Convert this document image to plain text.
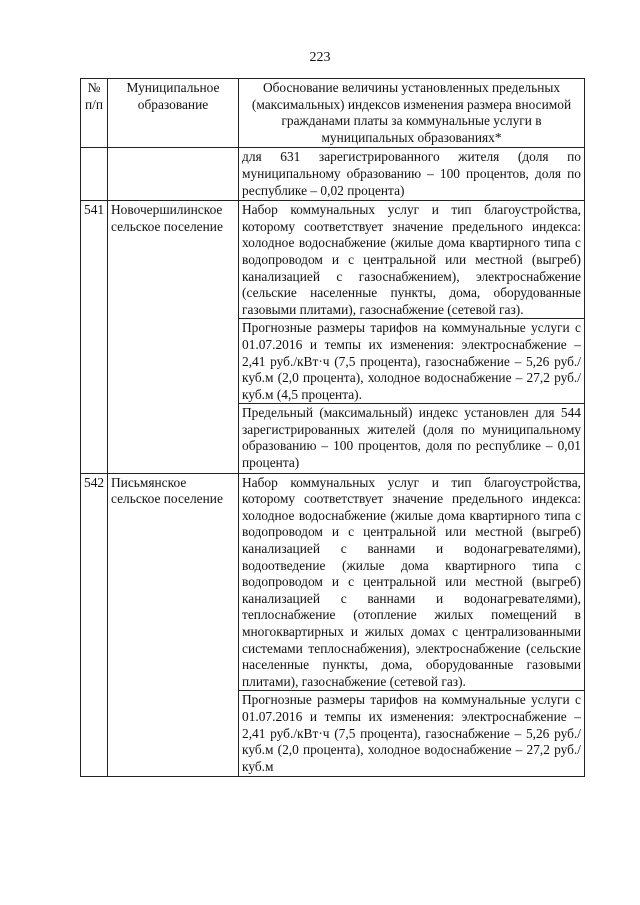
223
№ п/п	Муниципальное образование	Обоснование величины установленных предельных (максимальных) индексов изменения размера вносимой гражданами платы за коммунальные услуги в муниципальных образованиях*

		для 631 зарегистрированного жителя (доля по муниципальному образованию – 100 процентов, доля по республике – 0,02 процента)

541	Новочершилинское сельское поселение	Набор коммунальных услуг и тип благоустройства, которому соответствует значение предельного индекса: холодное водоснабжение (жилые дома квартирного типа с водопроводом и с центральной или местной (выгреб) канализацией с газоснабжением), электроснабжение (сельские населенные пункты, дома, оборудованные газовыми плитами), газоснабжение (сетевой газ).
Прогнозные размеры тарифов на коммунальные услуги с 01.07.2016 и темпы их изменения: электроснабжение – 2,41 руб./кВт·ч (7,5 процента), газоснабжение – 5,26 руб./куб.м (2,0 процента), холодное водоснабжение – 27,2 руб./куб.м (4,5 процента).
Предельный (максимальный) индекс установлен для 544 зарегистрированных жителей (доля по муниципальному образованию – 100 процентов, доля по республике – 0,01 процента)

542	Письмянское сельское поселение	Набор коммунальных услуг и тип благоустройства, которому соответствует значение предельного индекса: холодное водоснабжение (жилые дома квартирного типа с водопроводом и с центральной или местной (выгреб) канализацией с ваннами и водонагревателями), водоотведение (жилые дома квартирного типа с водопроводом и с центральной или местной (выгреб) канализацией с ваннами и водонагревателями), теплоснабжение (отопление жилых помещений в многоквартирных и жилых домах с централизованными системами теплоснабжения), электроснабжение (сельские населенные пункты, дома, оборудованные газовыми плитами), газоснабжение (сетевой газ).
Прогнозные размеры тарифов на коммунальные услуги с 01.07.2016 и темпы их изменения: электроснабжение – 2,41 руб./кВт·ч (7,5 процента), газоснабжение – 5,26 руб./куб.м (2,0 процента), холодное водоснабжение – 27,2 руб./куб.м
